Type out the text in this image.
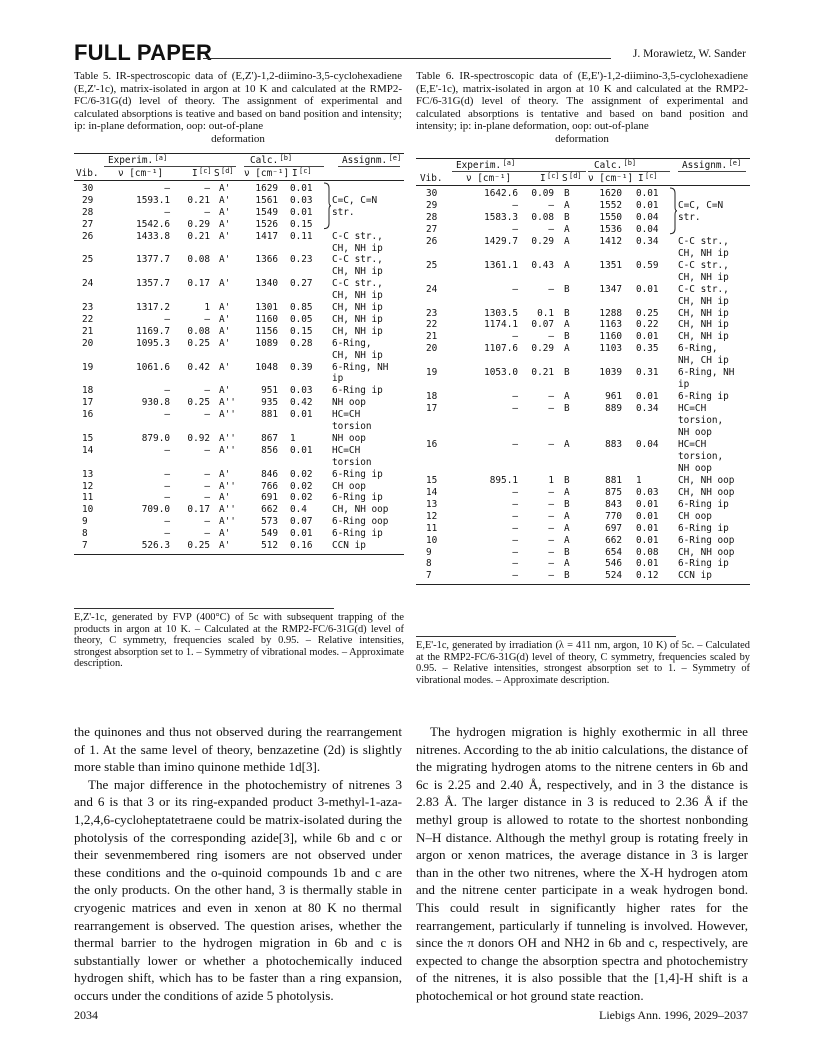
FULL PAPER	J. Morawietz, W. Sander
Table 5. IR-spectroscopic data of (E,Z')-1,2-diimino-3,5-cyclohexadiene (E,Z'-1c), matrix-isolated in argon at 10 K and calculated at the RMP2-FC/6-31G(d) level of theory. The assignment of experimental and calculated absorptions is teative and based on band position and intensity; ip: in-plane deformation, oop: out-of-plane
deformation
Table 6. IR-spectroscopic data of (E,E')-1,2-diimino-3,5-cyclohexadiene (E,E'-1c), matrix-isolated in argon at 10 K and calculated at the RMP2-FC/6-31G(d) level of theory. The assignment of experimental and calculated absorptions is tentative and based on band position and intensity; ip: in-plane deformation, oop: out-of-plane
deformation
Experim. [a]	Calc. [b]	Assignm. [e]
Vib. ν [cm⁻¹]	I S	ν [cm⁻¹] I
[c] [d]	[c]
30	–	– A'	1629 0.01
29	1593.1 0.21 A'	1561 0.03 C=C, C=N
28	–	– A'	1549 0.01 str.
27	1542.6 0.29 A'	1526 0.15
26	1433.8 0.21 A'	1417 0.11 C-C str.,
CH, NH ip
25	1377.7 0.08 A'	1366 0.23 C-C str.,
CH, NH ip
24	1357.7 0.17 A'	1340 0.27 C-C str.,
CH, NH ip
23	1317.2	1 A'	1301 0.85 CH, NH ip
22	–	– A'	1160 0.05 CH, NH ip
21	1169.7 0.08 A'	1156 0.15 CH, NH ip
20	1095.3 0.25 A'	1089 0.28 6-Ring,
CH, NH ip
19	1061.6 0.42 A'	1048 0.39 6-Ring, NH
ip
18	–	– A'	951 0.03 6-Ring ip
17	930.8 0.25 A''	935 0.42 NH oop
16	–	– A''	881 0.01 HC=CH
torsion
15	879.0 0.92 A''	867 1	NH oop
14	–	– A''	856 0.01 HC=CH
torsion
13	–	– A'	846 0.02 6-Ring ip
12	–	– A''	766 0.02 CH oop
11	–	– A'	691 0.02 6-Ring ip
10	709.0 0.17 A''	662 0.4	CH, NH oop
9	–	– A''	573 0.07 6-Ring oop
8	–	– A'	549 0.01 6-Ring ip
7	526.3 0.25 A'	512 0.16 CCN ip
Experim. [a]	Calc. [b]	Assignm. [e]
Vib. ν [cm⁻¹]	I S ν [cm⁻¹] I
[c] [d]	[c]
30	1642.6 0.09 B	1620 0.01
29	–	– A	1552 0.01 C=C, C=N
28	1583.3 0.08 B	1550 0.04 str.
27	–	– A	1536 0.04
26	1429.7 0.29 A	1412 0.34 C-C str.,
CH, NH ip
25	1361.1 0.43 A	1351 0.59 C-C str.,
CH, NH ip
24	–	– B	1347 0.01 C-C str.,
CH, NH ip
23	1303.5 0.1 B	1288 0.25 CH, NH ip
22	1174.1 0.07 A	1163 0.22 CH, NH ip
21	–	– B	1160 0.01 CH, NH ip
20	1107.6 0.29 A	1103 0.35 6-Ring,
NH, CH ip
19	1053.0 0.21 B	1039 0.31 6-Ring, NH
ip
18	–	– A	961 0.01 6-Ring ip
17	–	– B	889 0.34 HC=CH
torsion,
NH oop
16	–	– A	883 0.04 HC=CH
torsion,
NH oop
15	895.1	1 B	881 1	CH, NH oop
14	–	– A	875 0.03 CH, NH oop
13	–	– B	843 0.01 6-Ring ip
12	–	– A	770 0.01 CH oop
11	–	– A	697 0.01 6-Ring ip
10	–	– A	662 0.01 6-Ring oop
9	–	– B	654 0.08 CH, NH oop
8	–	– A	546 0.01 6-Ring ip
7	–	– B	524 0.12 CCN ip
E,Z'-1c, generated by FVP (400°C) of 5c with subsequent trapping of the products in argon at 10 K. – Calculated at the RMP2-FC/6-31G(d) level of theory, C symmetry, frequencies scaled by 0.95. – Relative intensities, strongest absorption set to 1. – Symmetry of vibrational modes. – Approximate description.
E,E'-1c, generated by irradiation (λ = 411 nm, argon, 10 K) of 5c. – Calculated at the RMP2-FC/6-31G(d) level of theory, C symmetry, frequencies scaled by 0.95. – Relative intensities, strongest absorption set to 1. – Symmetry of vibrational modes. – Approximate description.

the quinones and thus not observed during the rearrangement of 1. At the same level of theory, benzazetine (2d) is slightly more stable than imino quinone methide 1d[3].

The major difference in the photochemistry of nitrenes 3 and 6 is that 3 or its ring-expanded product 3-methyl-1-aza-1,2,4,6-cycloheptatetraene could be matrix-isolated during the photolysis of the corresponding azide[3], while 6b and c or their sevenmembered ring isomers are not observed under these conditions and the o-quinoid compounds 1b and c are the only products. On the other hand, 3 is thermally stable in cryogenic matrices and even in xenon at 80 K no thermal rearrangement is observed. The question arises, whether the thermal barrier to the hydrogen migration in 6b and c is substantially lower or whether a photochemically induced hydrogen shift, which has to be faster than a ring expansion, occurs under the conditions of azide 5 photolysis.

The hydrogen migration is highly exothermic in all three nitrenes. According to the ab initio calculations, the distance of the migrating hydrogen atoms to the nitrene centers in 6b and 6c is 2.25 and 2.40 Å, respectively, and in 3 the distance is 2.83 Å. The larger distance in 3 is reduced to 2.36 Å if the methyl group is allowed to rotate to the shortest nonbonding N–H distance. Although the methyl group is rotating freely in argon or xenon matrices, the average distance in 3 is larger than in the other two nitrenes, where the X-H hydrogen atom and the nitrene center participate in a weak hydrogen bond. This could result in significantly higher rates for the rearrangement, particularly if tunneling is involved. However, since the π donors OH and NH2 in 6b and c, respectively, are expected to change the absorption spectra and photochemistry of the nitrenes, it is also possible that the [1,4]-H shift is a photochemical or hot ground state reaction.

2034	Liebigs Ann. 1996, 2029–2037
